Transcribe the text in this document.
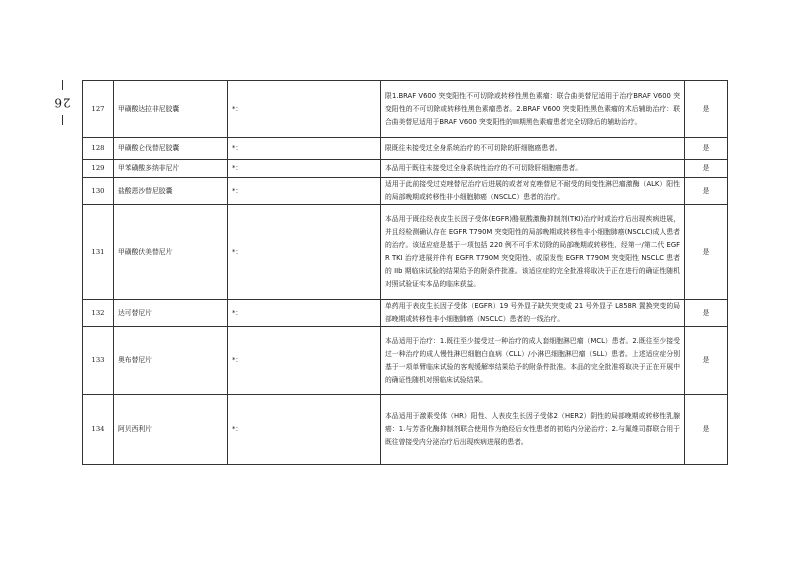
26	127	甲磺酸达拉非尼胶囊	*：	限1.BRAF V600 突变阳性不可切除或转移性黑色素瘤：联合曲美替尼适用于治疗BRAF V600 突变阳性的不可切除或转移性黑色素瘤患者。2.BRAF V600 突变阳性黑色素瘤的术后辅助治疗：联合曲美替尼适用于BRAF V600 突变阳性的III期黑色素瘤患者完全切除后的辅助治疗。	是
128	甲磺酸仑伐替尼胶囊	*：	限既往未接受过全身系统治疗的不可切除的肝细胞癌患者。	是
129	甲苯磺酸多纳非尼片	*：	本品用于既往未接受过全身系统性治疗的不可切除肝细胞癌患者。	是
130	盐酸恩沙替尼胶囊	*：	适用于此前接受过克唑替尼治疗后进展的或者对克唑替尼不耐受的间变性淋巴瘤激酶（ALK）阳性的局部晚期或转移性非小细胞肺癌（NSCLC）患者的治疗。	是
131	甲磺酸伏美替尼片	*：	本品用于既往经表皮生长因子受体(EGFR)酪氨酸激酶抑制剂(TKI)治疗时或治疗后出现疾病进展，并且经检测确认存在 EGFR T790M 突变阳性的局部晚期或转移性非小细胞肺癌(NSCLC)成人患者的治疗。该适应症是基于一项包括 220 例不可手术切除的局部晚期或转移性、经第一/第二代 EGFR TKI 治疗进展并伴有 EGFR T790M 突变阳性、或原发性 EGFR T790M 突变阳性 NSCLC 患者的 IIb 期临床试验的结果给予的附条件批准。该适应症的完全批准将取决于正在进行的确证性随机对照试验证实本品的临床获益。	是
132	达可替尼片	*：	单药用于表皮生长因子受体（EGFR）19 号外显子缺失突变或 21 号外显子 L858R 置换突变的局部晚期或转移性非小细胞肺癌（NSCLC）患者的一线治疗。	是
133	奥布替尼片	*：	本品适用于治疗：1.既往至少接受过一种治疗的成人套细胞淋巴瘤（MCL）患者。2.既往至少接受过一种治疗的成人慢性淋巴细胞白血病（CLL）/小淋巴细胞淋巴瘤（SLL）患者。上述适应症分别基于一项单臂临床试验的客观缓解率结果给予的附条件批准。本品的完全批准将取决于正在开展中的确证性随机对照临床试验结果。	是
134	阿贝西利片	*：	本品适用于激素受体（HR）阳性、人表皮生长因子受体2（HER2）阴性的局部晚期或转移性乳腺癌：1.与芳香化酶抑制剂联合使用作为绝经后女性患者的初始内分泌治疗；2.与氟维司群联合用于既往曾接受内分泌治疗后出现疾病进展的患者。	是
